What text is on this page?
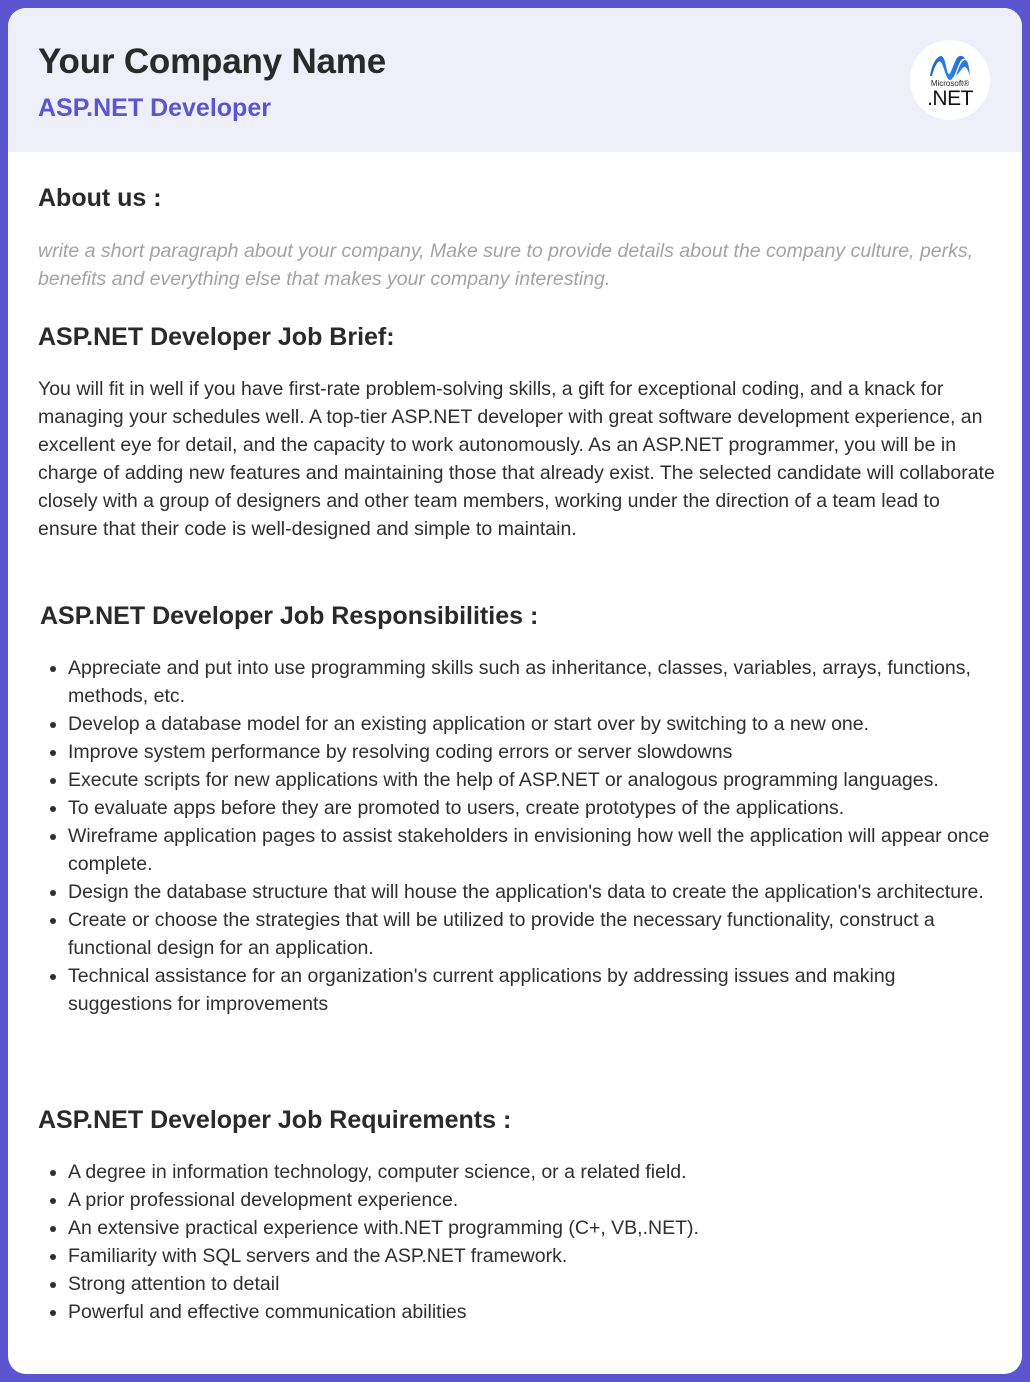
Your Company Name
ASP.NET Developer
Microsoft®
.NET
About us :

write a short paragraph about your company, Make sure to provide details about the company culture, perks, benefits and everything else that makes your company interesting.

ASP.NET Developer Job Brief:

You will fit in well if you have first-rate problem-solving skills, a gift for exceptional coding, and a knack for managing your schedules well. A top-tier ASP.NET developer with great software development experience, an excellent eye for detail, and the capacity to work autonomously. As an ASP.NET programmer, you will be in charge of adding new features and maintaining those that already exist. The selected candidate will collaborate closely with a group of designers and other team members, working under the direction of a team lead to ensure that their code is well-designed and simple to maintain.

ASP.NET Developer Job Responsibilities :
Appreciate and put into use programming skills such as inheritance, classes, variables, arrays, functions, methods, etc.
Develop a database model for an existing application or start over by switching to a new one.
Improve system performance by resolving coding errors or server slowdowns
Execute scripts for new applications with the help of ASP.NET or analogous programming languages.
To evaluate apps before they are promoted to users, create prototypes of the applications.
Wireframe application pages to assist stakeholders in envisioning how well the application will appear once complete.
Design the database structure that will house the application's data to create the application's architecture.
Create or choose the strategies that will be utilized to provide the necessary functionality, construct a functional design for an application.
Technical assistance for an organization's current applications by addressing issues and making suggestions for improvements
ASP.NET Developer Job Requirements :
A degree in information technology, computer science, or a related field.
A prior professional development experience.
An extensive practical experience with.NET programming (C+, VB,.NET).
Familiarity with SQL servers and the ASP.NET framework.
Strong attention to detail
Powerful and effective communication abilities
